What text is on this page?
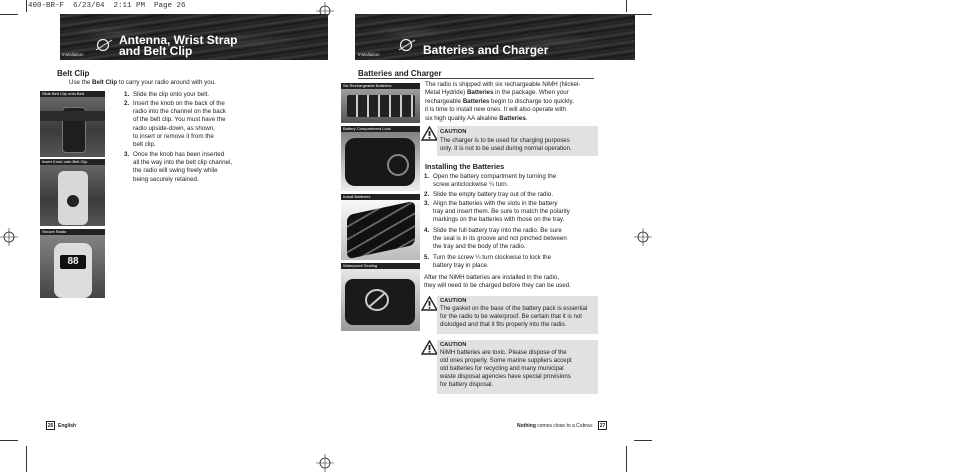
400-BR-F  6/23/04  2:11 PM  Page 26
Installation
Antenna, Wrist Strap
and Belt Clip
Belt Clip
Use the Belt Clip to carry your radio around with you.
Slide Belt Clip onto Belt
Insert Knob onto Belt Clip
Secure Radio
88
1. Slide the clip onto your belt.
2. Insert the knob on the back of the
radio into the channel on the back
of the belt clip. You must have the
radio upside-down, as shown,
to insert or remove it from the
belt clip.
3. Once the knob has been inserted
all the way into the belt clip channel,
the radio will swing freely while
being securely retained.
26 English
Installation	Batteries and Charger
Batteries and Charger
Six Rechargeable Batteries
Battery Compartment Lock
Install Batteries
Waterproof Sealing
The radio is shipped with six rechargeable NiMH (Nickel-
Metal Hydride) Batteries in the package. When your
rechargeable Batteries begin to discharge too quickly,
it is time to install new ones. It will also operate with
six high quality AA alkaline Batteries.
CAUTION
The charger is to be used for charging purposes
only. It is not to be used during normal operation.
Installing the Batteries
1. Open the battery compartment by turning the
screw anticlockwise ¼ turn.
2. Slide the empty battery tray out of the radio.
3. Align the batteries with the slots in the battery
tray and insert them. Be sure to match the polarity
markings on the batteries with those on the tray.
4. Slide the full battery tray into the radio. Be sure
the seal is in its groove and not pinched between
the tray and the body of the radio.
5. Turn the screw ¼ turn clockwise to lock the
battery tray in place.
After the NiMH batteries are installed in the radio,
they will need to be charged before they can be used.
CAUTION
The gasket on the base of the battery pack is essential
for the radio to be waterproof. Be certain that it is not
dislodged and that it fits properly into the radio.
CAUTION
NiMH batteries are toxic. Please dispose of the
old ones properly. Some marine suppliers accept
old batteries for recycling and many municipal
waste disposal agencies have special provisions
for battery disposal.
Nothing comes close to a Cobra®	27
